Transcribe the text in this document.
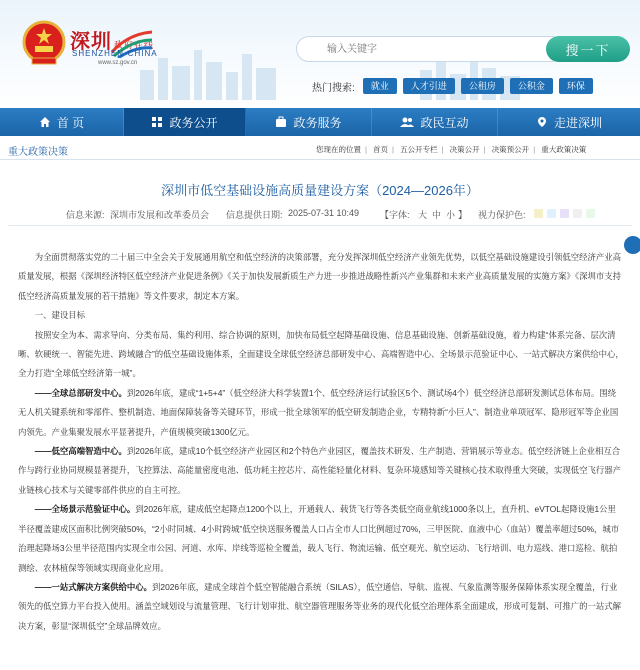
深圳 政府在线
SHENZHEN·CHINA
www.sz.gov.cn
输入关键字
搜一下
热门搜索:	就业	人才引进	公租房	公积金	环保
首 页	政务公开	政务服务	政民互动	走进深圳
重大政策决策	您现在的位置 | 首页 | 五公开专栏 | 决策公开 | 决策预公开 | 重大政策决策
深圳市低空基础设施高质量建设方案（2024—2026年）
信息来源: 深圳市发展和改革委员会 信息提供日期: 2025-07-31 10:49 【字体: 大 中 小 】 视力保护色:

为全面贯彻落实党的二十届三中全会关于发展通用航空和低空经济的决策部署，充分发挥深圳低空经济产业领先优势，以低空基础设施建设引领低空经济产业高质量发展，根据《深圳经济特区低空经济产业促进条例》《关于加快发展新质生产力进一步推进战略性新兴产业集群和未来产业高质量发展的实施方案》《深圳市支持低空经济高质量发展的若干措施》等文件要求，制定本方案。

一、建设目标

按照安全为本、需求导向、分类布局、集约利用、综合协调的原则，加快布局低空起降基础设施、信息基础设施、创新基础设施，着力构建“体系完备、层次清晰、软硬统一、智能先进、跨域融合”的低空基础设施体系，全面建设全球低空经济总部研发中心、高端智造中心、全场景示范验证中心、一站式解决方案供给中心，全力打造“全球低空经济第一城”。

——全球总部研发中心。到2026年底，建成“1+5+4”（低空经济大科学装置1个、低空经济运行试验区5个、测试场4个）低空经济总部研发测试总体布局。围绕无人机关键系统和零部件、整机制造、地面保障装备等关键环节，形成一批全球领军的低空研发制造企业，专精特新“小巨人”、制造业单项冠军、隐形冠军等企业国内领先。产业集聚发展水平显著提升，产值规模突破1300亿元。

——低空高端智造中心。到2026年底，建成10个低空经济产业园区和2个特色产业园区，覆盖技术研发、生产制造、营销展示等业态。低空经济链上企业相互合作与跨行业协同规模显著提升，飞控算法、高能量密度电池、低功耗主控芯片、高性能轻量化材料、复杂环境感知等关键核心技术取得重大突破，实现低空飞行器产业链核心技术与关键零部件供应的自主可控。

——全场景示范验证中心。到2026年底，建成低空起降点1200个以上，开通载人、载货飞行等各类低空商业航线1000条以上，直升机、eVTOL起降设施1公里半径覆盖建成区面积比例突破50%，“2小时同城、4小时跨城”低空快送服务覆盖人口占全市人口比例超过70%，三甲医院、血液中心（血站）覆盖率超过50%，城市治理起降场3公里半径范围内实现全市公园、河道、水库、岸线等巡检全覆盖，载人飞行、物流运输、低空观光、航空运动、飞行培训、电力巡线、港口巡检、航拍测绘、农林植保等领域实现商业化应用。

——一站式解决方案供给中心。到2026年底，建成全球首个低空智能融合系统（SILAS），低空通信、导航、监视、气象监测等服务保障体系实现全覆盖，行业领先的低空算力平台投入使用。涵盖空域划设与流量管理、飞行计划审批、航空器管理服务等业务的现代化低空治理体系全面建成，形成可复制、可推广的一站式解决方案，彰显“深圳低空”全球品牌效应。
